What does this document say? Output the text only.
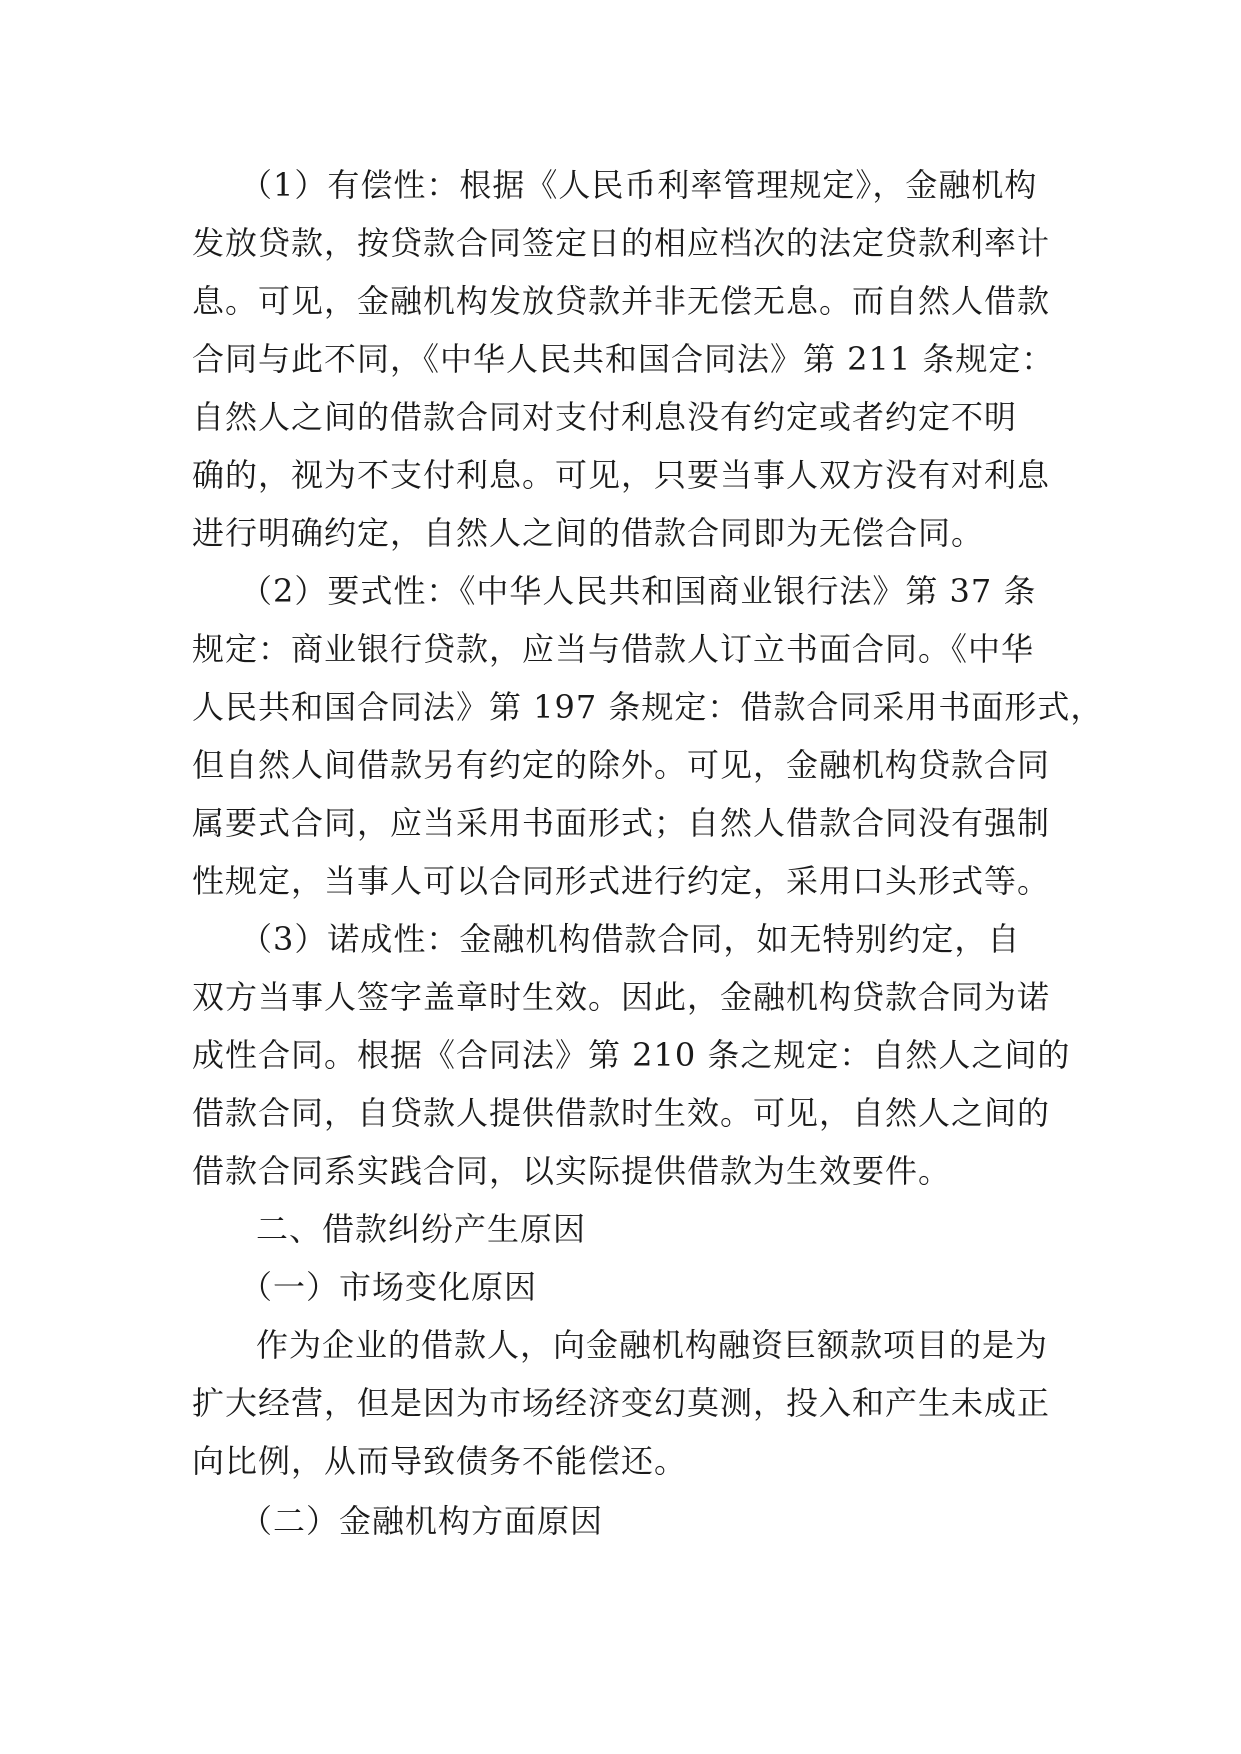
（1）有偿性：根据《人民币利率管理规定》，金融机构
发放贷款，按贷款合同签定日的相应档次的法定贷款利率计
息。可见，金融机构发放贷款并非无偿无息。而自然人借款
合同与此不同，《中华人民共和国合同法》第 211 条规定：
自然人之间的借款合同对支付利息没有约定或者约定不明
确的，视为不支付利息。可见，只要当事人双方没有对利息
进行明确约定，自然人之间的借款合同即为无偿合同。
（2）要式性：《中华人民共和国商业银行法》第 37 条
规定：商业银行贷款，应当与借款人订立书面合同。《中华
人民共和国合同法》第 197 条规定：借款合同采用书面形式，
但自然人间借款另有约定的除外。可见，金融机构贷款合同
属要式合同，应当采用书面形式；自然人借款合同没有强制
性规定，当事人可以合同形式进行约定，采用口头形式等。
（3）诺成性：金融机构借款合同，如无特别约定，自
双方当事人签字盖章时生效。因此，金融机构贷款合同为诺
成性合同。根据《合同法》第 210 条之规定：自然人之间的
借款合同，自贷款人提供借款时生效。可见，自然人之间的
借款合同系实践合同，以实际提供借款为生效要件。
二、借款纠纷产生原因
（一）市场变化原因
作为企业的借款人，向金融机构融资巨额款项目的是为
扩大经营，但是因为市场经济变幻莫测，投入和产生未成正
向比例，从而导致债务不能偿还。
（二）金融机构方面原因
